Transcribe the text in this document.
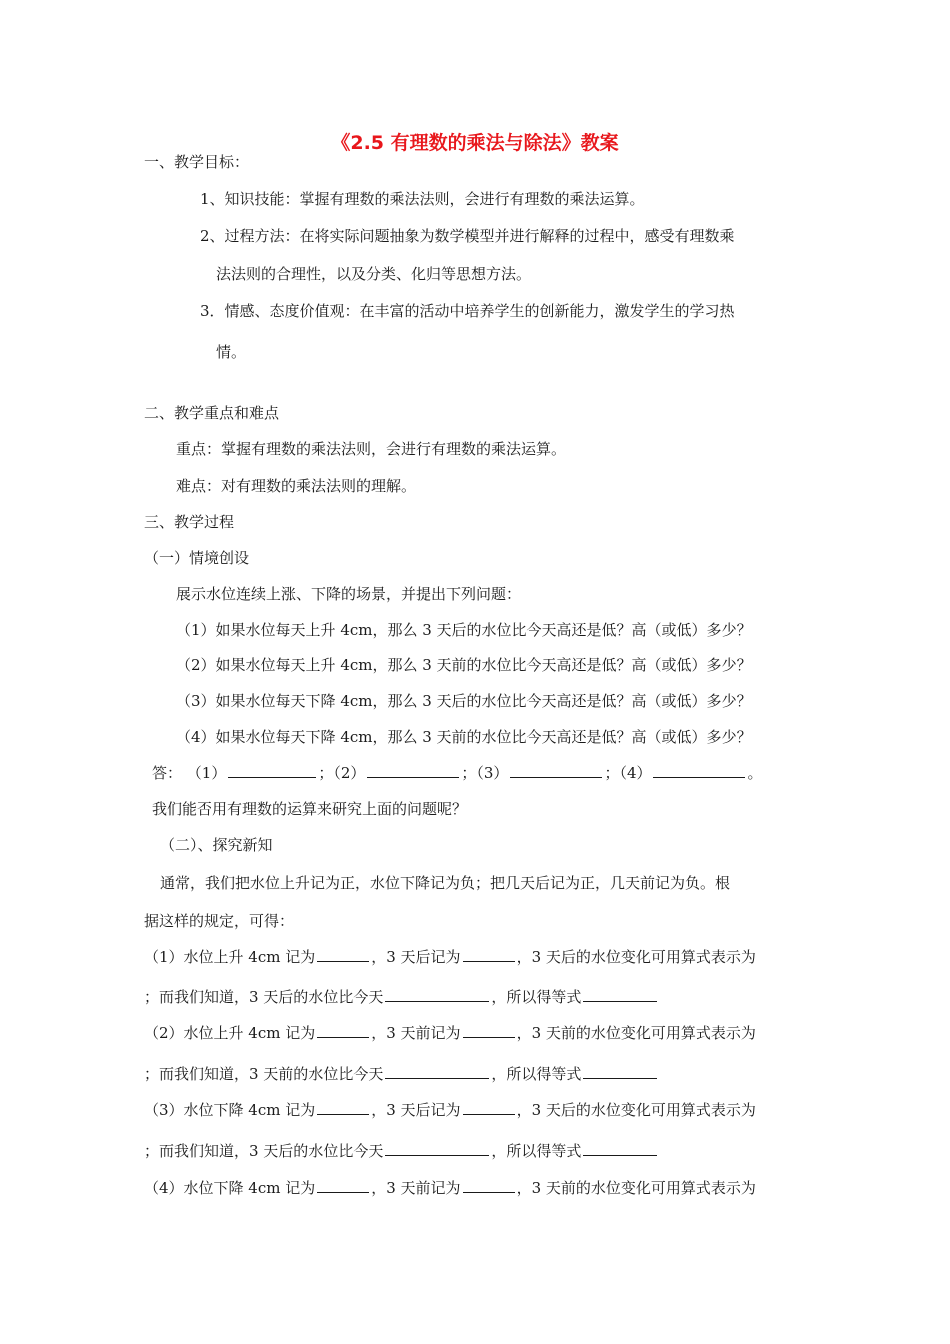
《2.5 有理数的乘法与除法》教案
一、教学目标：
1、知识技能：掌握有理数的乘法法则，会进行有理数的乘法运算。
2、过程方法：在将实际问题抽象为数学模型并进行解释的过程中，感受有理数乘
法法则的合理性，以及分类、化归等思想方法。
3．情感、态度价值观：在丰富的活动中培养学生的创新能力，激发学生的学习热
情。
二、教学重点和难点
重点：掌握有理数的乘法法则，会进行有理数的乘法运算。
难点：对有理数的乘法法则的理解。
三、教学过程
（一）情境创设
展示水位连续上涨、下降的场景，并提出下列问题：
（1）如果水位每天上升 4cm，那么 3 天后的水位比今天高还是低？高（或低）多少？
（2）如果水位每天上升 4cm，那么 3 天前的水位比今天高还是低？高（或低）多少？
（3）如果水位每天下降 4cm，那么 3 天后的水位比今天高还是低？高（或低）多少？
（4）如果水位每天下降 4cm，那么 3 天前的水位比今天高还是低？高（或低）多少？
答： （1）	；（2）	；（3）	；（4）	。
我们能否用有理数的运算来研究上面的问题呢？
（二）、探究新知
通常，我们把水位上升记为正，水位下降记为负；把几天后记为正，几天前记为负。根
据这样的规定，可得：
（1）水位上升 4cm 记为	，3 天后记为	，3 天后的水位变化可用算式表示为
；而我们知道，3 天后的水位比今天	，所以得等式
（2）水位上升 4cm 记为	，3 天前记为	，3 天前的水位变化可用算式表示为
；而我们知道，3 天前的水位比今天	，所以得等式
（3）水位下降 4cm 记为	，3 天后记为	，3 天后的水位变化可用算式表示为
；而我们知道，3 天后的水位比今天	，所以得等式
（4）水位下降 4cm 记为	，3 天前记为	，3 天前的水位变化可用算式表示为
